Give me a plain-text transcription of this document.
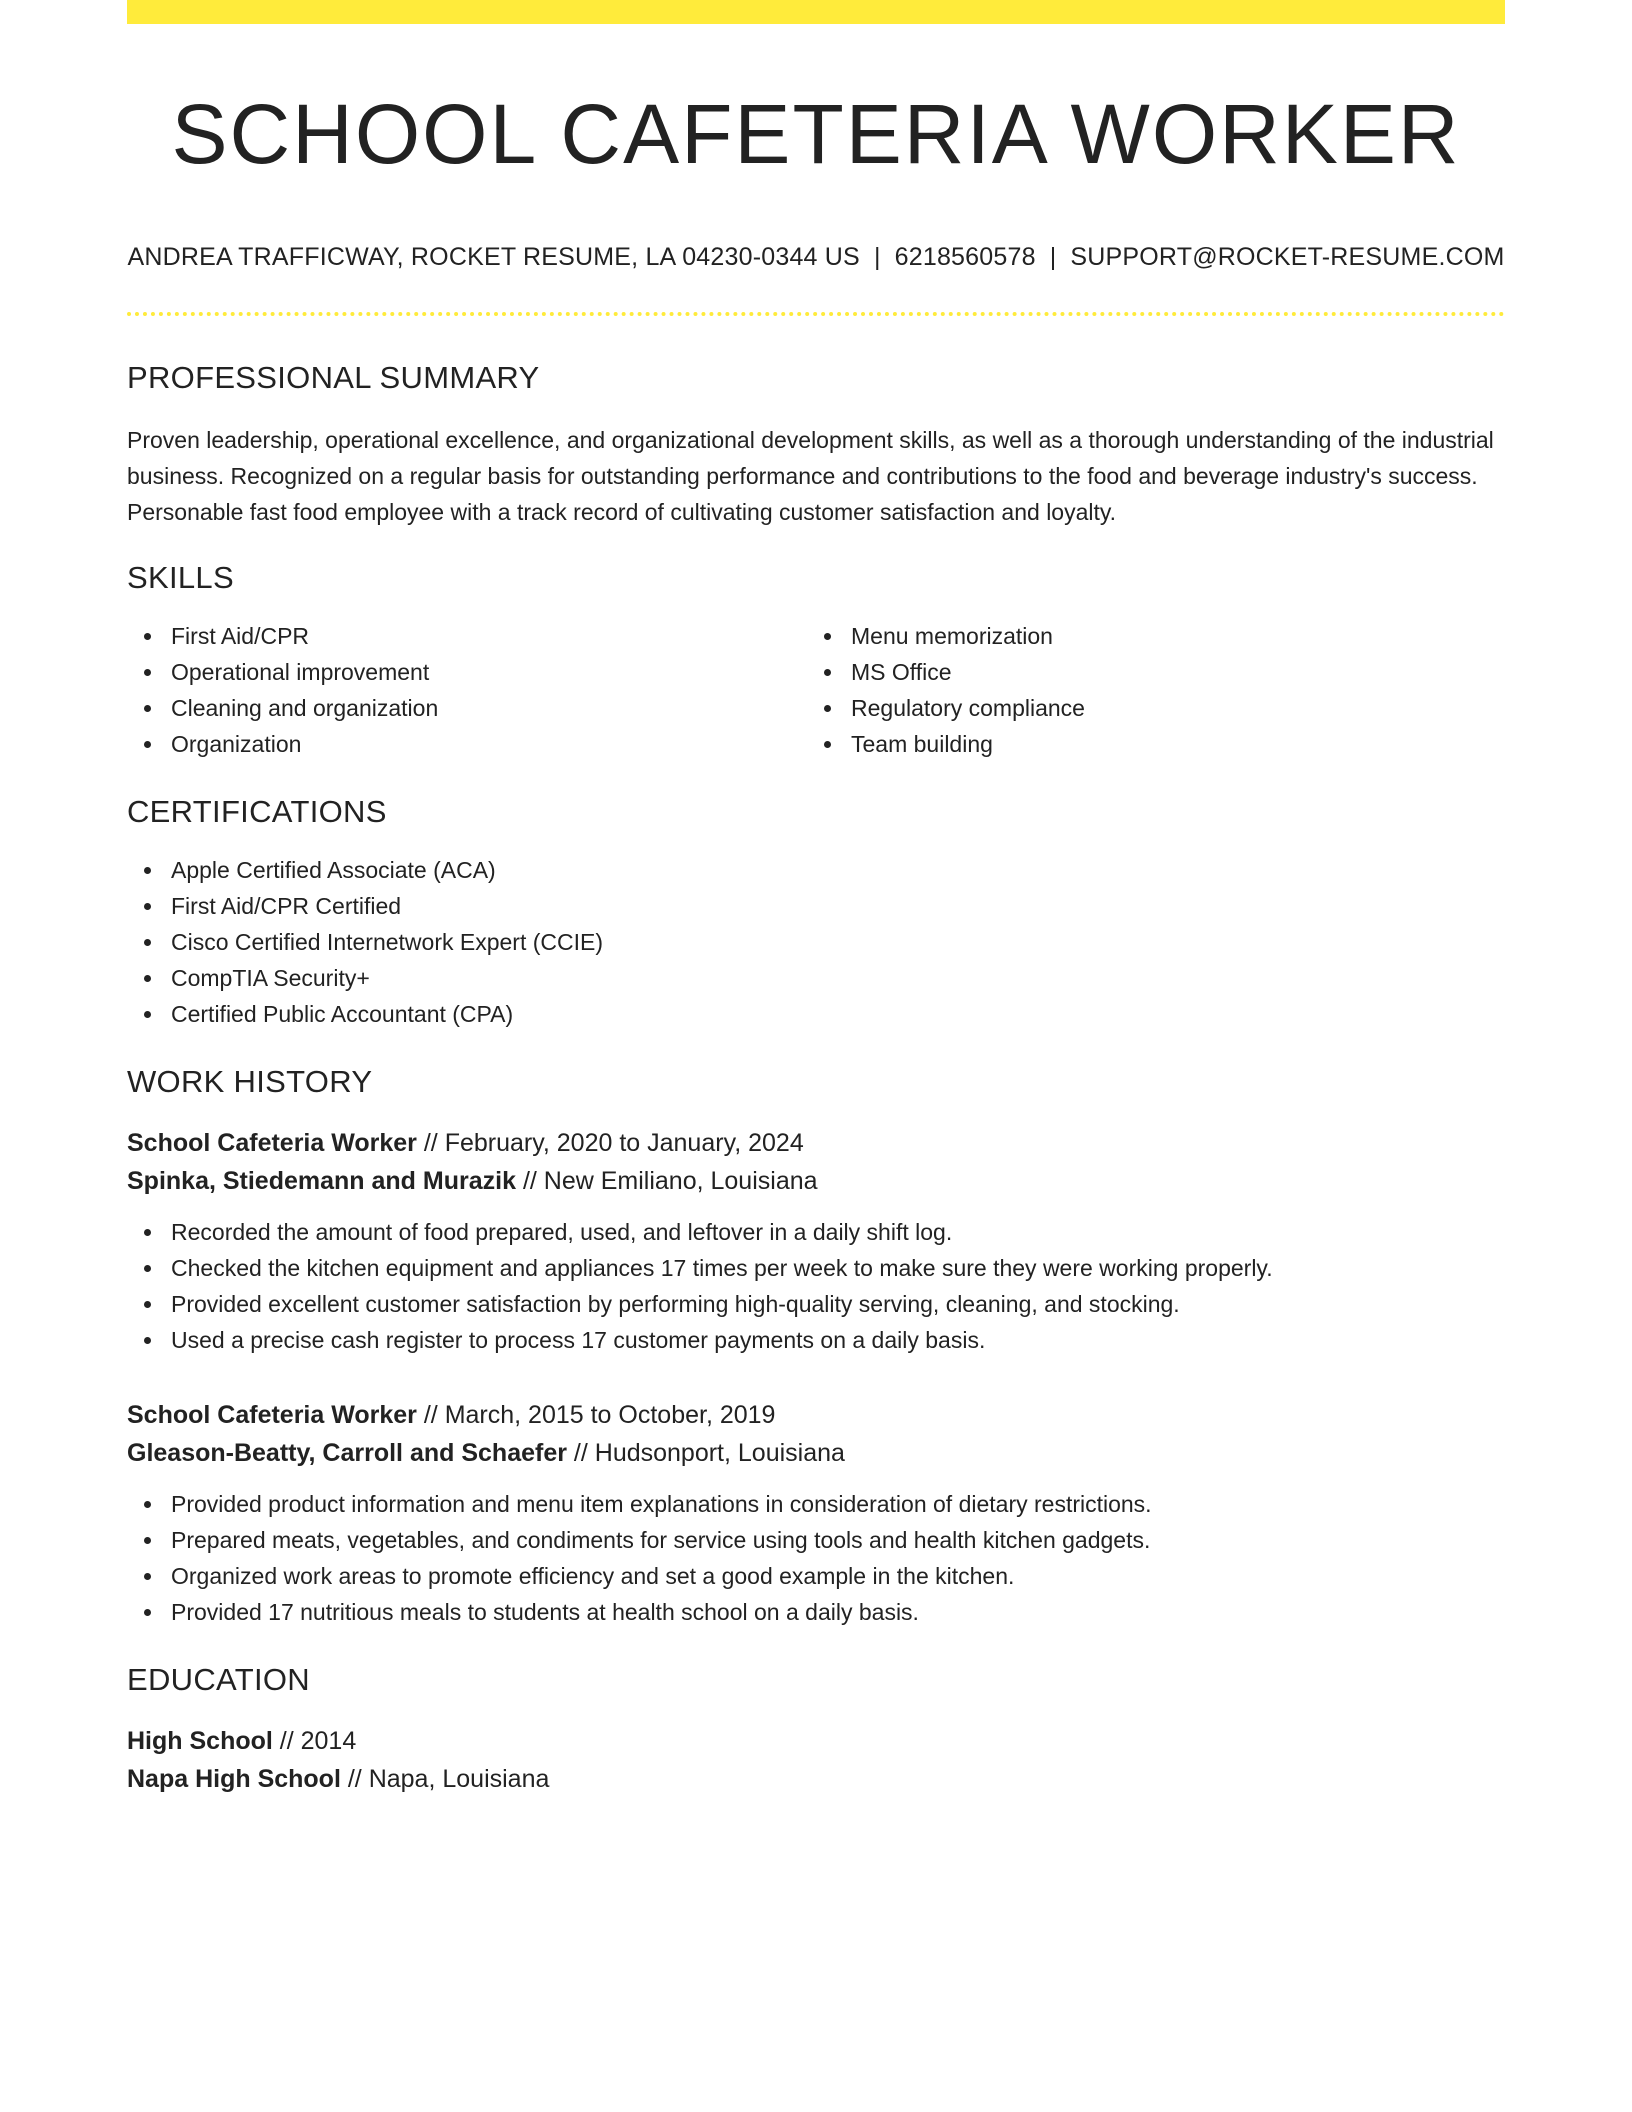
SCHOOL CAFETERIA WORKER
ANDREA TRAFFICWAY, ROCKET RESUME, LA 04230-0344 US | 6218560578 | SUPPORT@ROCKET-RESUME.COM
PROFESSIONAL SUMMARY

Proven leadership, operational excellence, and organizational development skills, as well as a thorough understanding of the industrial business. Recognized on a regular basis for outstanding performance and contributions to the food and beverage industry's success. Personable fast food employee with a track record of cultivating customer satisfaction and loyalty.

SKILLS
First Aid/CPR
Operational improvement
Cleaning and organization
Organization
Menu memorization
MS Office
Regulatory compliance
Team building
CERTIFICATIONS
Apple Certified Associate (ACA)
First Aid/CPR Certified
Cisco Certified Internetwork Expert (CCIE)
CompTIA Security+
Certified Public Accountant (CPA)
WORK HISTORY
School Cafeteria Worker // February, 2020 to January, 2024
Spinka, Stiedemann and Murazik // New Emiliano, Louisiana
Recorded the amount of food prepared, used, and leftover in a daily shift log.
Checked the kitchen equipment and appliances 17 times per week to make sure they were working properly.
Provided excellent customer satisfaction by performing high-quality serving, cleaning, and stocking.
Used a precise cash register to process 17 customer payments on a daily basis.
School Cafeteria Worker // March, 2015 to October, 2019
Gleason-Beatty, Carroll and Schaefer // Hudsonport, Louisiana
Provided product information and menu item explanations in consideration of dietary restrictions.
Prepared meats, vegetables, and condiments for service using tools and health kitchen gadgets.
Organized work areas to promote efficiency and set a good example in the kitchen.
Provided 17 nutritious meals to students at health school on a daily basis.
EDUCATION
High School // 2014
Napa High School // Napa, Louisiana
